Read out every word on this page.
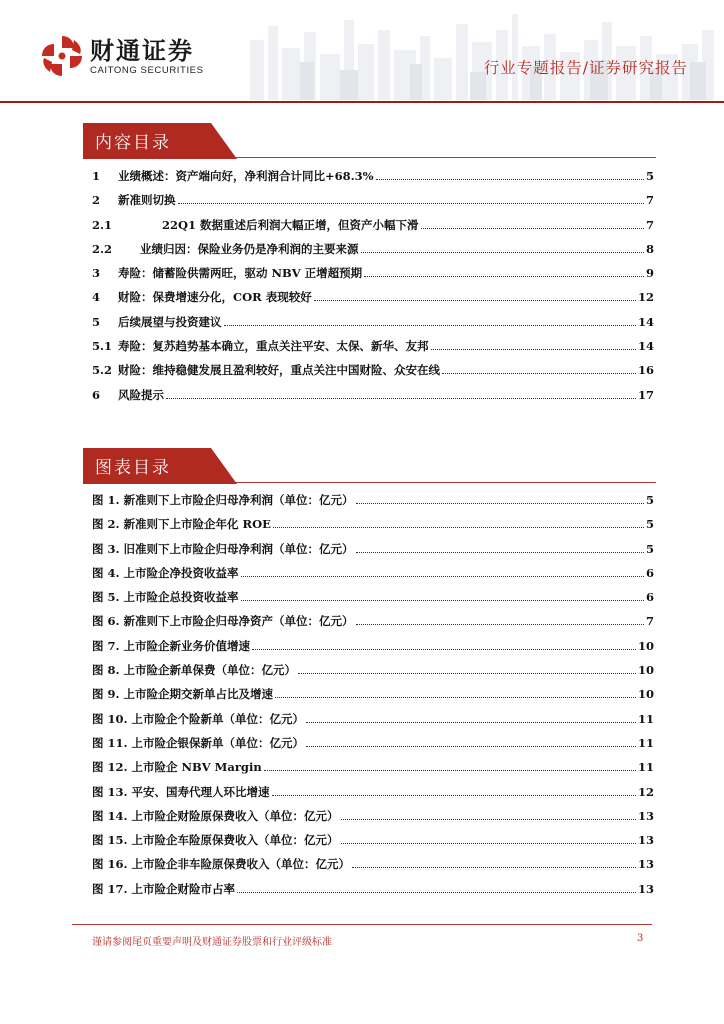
财通证券
CAITONG SECURITIES	行业专题报告/证券研究报告
内容目录
1	业绩概述：资产端向好，净利润合计同比+68.3%	5
2	新准则切换	7
2.1	22Q1 数据重述后利润大幅正增，但资产小幅下滑	7
2.2 业绩归因：保险业务仍是净利润的主要来源	8
3	寿险：储蓄险供需两旺，驱动 NBV 正增超预期	9
4	财险：保费增速分化，COR 表现较好	12
5	后续展望与投资建议	14
5.1 寿险：复苏趋势基本确立，重点关注平安、太保、新华、友邦	14
5.2 财险：维持稳健发展且盈利较好，重点关注中国财险、众安在线	16
6	风险提示	17
图表目录
图 1. 新准则下上市险企归母净利润（单位：亿元）	5
图 2. 新准则下上市险企年化 ROE	5
图 3. 旧准则下上市险企归母净利润（单位：亿元）	5
图 4. 上市险企净投资收益率	6
图 5. 上市险企总投资收益率	6
图 6. 新准则下上市险企归母净资产（单位：亿元）	7
图 7. 上市险企新业务价值增速	10
图 8. 上市险企新单保费（单位：亿元）	10
图 9. 上市险企期交新单占比及增速	10
图 10. 上市险企个险新单（单位：亿元）	11
图 11. 上市险企银保新单（单位：亿元）	11
图 12. 上市险企 NBV Margin	11
图 13. 平安、国寿代理人环比增速	12
图 14. 上市险企财险原保费收入（单位：亿元）	13
图 15. 上市险企车险原保费收入（单位：亿元）	13
图 16. 上市险企非车险原保费收入（单位：亿元）	13
图 17. 上市险企财险市占率	13
谨请参阅尾页重要声明及财通证券股票和行业评级标准	3
